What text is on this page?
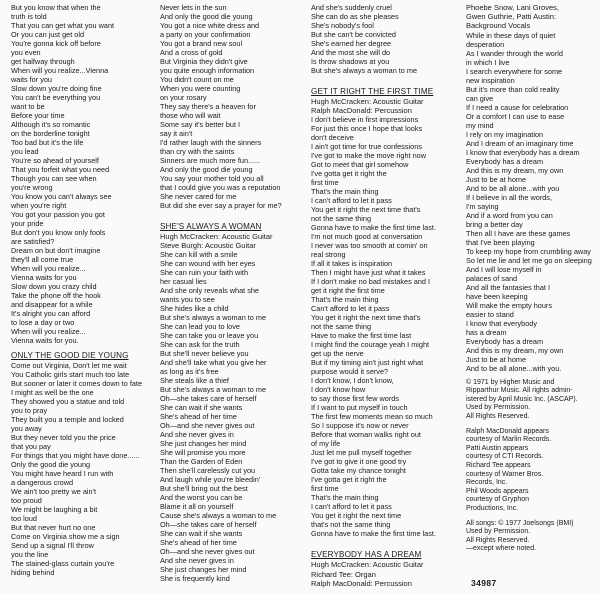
But you know that when the
truth is told
That you can get what you want
Or you can just get old
You're gonna kick off before
you even
get halfway through
When will you realize...Vienna
waits for you
Slow down you're doing fine
You can't be everything you
want to be
Before your time
Although it's so romantic
on the borderline tonight
Too bad but it's the life
you lead
You're so ahead of yourself
That you forfeit what you need
Though you can see when
you're wrong
You know you can't always see
when you're right
You got your passion you got
your pride
But don't you know only fools
are satisfied?
Dream on but don't imagine
they'll all come true
When will you realize...
Vienna waits for you
Slow down you crazy child
Take the phone off the hook
and disappear for a while
It's alright you can afford
to lose a day or two
When will you realize...
Vienna waits for you.
ONLY THE GOOD DIE YOUNG
Come out Virginia, Don't let me wait
You Catholic girls start much too late
But sooner or later it comes down to fate
I might as well be the one
They showed you a statue and told
you to pray
They built you a temple and locked
you away
But they never told you the price
that you pay
For things that you might have done......
Only the good die young
You might have heard I run with
a dangerous crowd
We ain't too pretty we ain't
too proud
We might be laughing a bit
too loud
But that never hurt no one
Come on Virginia show me a sign
Send up a signal I'll throw
you the line
The stained-glass curtain you're
hiding behind
Never lets in the sun
And only the good die young
You got a nice white dress and
a party on your confirmation
You got a brand new soul
And a cross of gold
But Virginia they didn't give
you quite enough information
You didn't count on me
When you were counting
on your rosary
They say there's a heaven for
those who will wait
Some say it's better but I
say it ain't
I'd rather laugh with the sinners
than cry with the saints
Sinners are much more fun......
And only the good die young
You say your mother told you all
that I could give you was a reputation
She never cared for me
But did she ever say a prayer for me?
SHE'S ALWAYS A WOMAN
Hugh McCracken: Acoustic Guitar
Steve Burgh: Acoustic Guitar
She can kill with a smile
She can wound with her eyes
She can ruin your faith with
her casual lies
And she only reveals what she
wants you to see
She hides like a child
But she's always a woman to me
She can lead you to love
She can take you or leave you
She can ask for the truth
But she'll never believe you
And she'll take what you give her
as long as it's free
She steals like a thief
But she's always a woman to me
Oh—she takes care of herself
She can wait if she wants
She's ahead of her time
Oh—and she never gives out
And she never gives in
She just changes her mind
She will promise you more
Than the Garden of Eden
Then she'll carelessly cut you
And laugh while you're bleedin'
But she'll bring out the best
And the worst you can be
Blame it all on yourself
Cause she's always a woman to me
Oh—she takes care of herself
She can wait if she wants
She's ahead of her time
Oh—and she never gives out
And she never gives in
She just changes her mind
She is frequently kind
And she's suddenly cruel
She can do as she pleases
She's nobody's fool
But she can't be convicted
She's earned her degree
And the most she will do
Is throw shadows at you
But she's always a woman to me
GET IT RIGHT THE FIRST TIME
Hugh McCracken: Acoustic Guitar
Ralph MacDonald: Percussion
I don't believe in first impressions
For just this once I hope that looks
don't deceive
I ain't got time for true confessions
I've got to make the move right now
Got to meet that girl somehow
I've gotta get it right the
first time
That's the main thing
I can't afford to let it pass
You get it right the next time that's
not the same thing
Gonna have to make the first time last.
I'm not much good at conversation
I never was too smooth at comin' on
real strong
If all it takes is inspiration
Then I might have just what it takes
If I don't make no bad mistakes and I
get it right the first time
That's the main thing
Can't afford to let it pass
You get it right the next time that's
not the same thing
Have to make the first time last
I might find the courage yeah I might
get up the nerve
But if my timing ain't just right what
purpose would it serve?
I don't know, I don't know,
I don't know how
to say those first few words
If I want to put myself in touch
The first few moments mean so much
So I suppose it's now or never
Before that woman walks right out
of my life
Just let me pull myself together
I've got to give it one good try
Gotta take my chance tonight
I've gotta get it right the
first time
That's the main thing
I can't afford to let it pass
You get it right the next time
that's not the same thing
Gonna have to make the first time last.
EVERYBODY HAS A DREAM
Hugh McCracken: Acoustic Guitar
Richard Tee: Organ
Ralph MacDonald: Percussion
Phoebe Snow, Lani Groves,
Gwen Guthrie, Patti Austin:
Background Vocals
While in these days of quiet
desperation
As I wander through the world
in which I live
I search everywhere for some
new inspiration
But it's more than cold reality
can give
If I need a cause for celebration
Or a comfort I can use to ease
my mind
I rely on my imagination
And I dream of an imaginary time
I know that everybody has a dream
Everybody has a dream
And this is my dream, my own
Just to be at home
And to be all alone...with you
If I believe in all the words,
I'm saying
And if a word from you can
bring a better day
Then all I have are these games
that I've been playing
To keep my hope from crumbling away
So let me lie and let me go on sleeping
And I will lose myself in
palaces of sand
And all the fantasies that I
have been keeping
Will make the empty hours
easier to stand
I know that everybody
has a dream
Everybody has a dream
And this is my dream, my own
Just to be at home
And to be all alone...with you.
© 1971 by Higher Music and
Ripparthur Music. All rights admin-
istered by April Music Inc. (ASCAP).
Used by Permission.
All Rights Reserved.
Ralph MacDonald appears
courtesy of Marlin Records.
Patti Austin appears
courtesy of CTI Records.
Richard Tee appears
courtesy of Warner Bros.
Records, Inc.
Phil Woods appears
courtesy of Gryphon
Productions, Inc.
All songs: © 1977 Joelsongs (BMI)
Used by Permission.
All Rights Reserved.
—except where noted.
34987
